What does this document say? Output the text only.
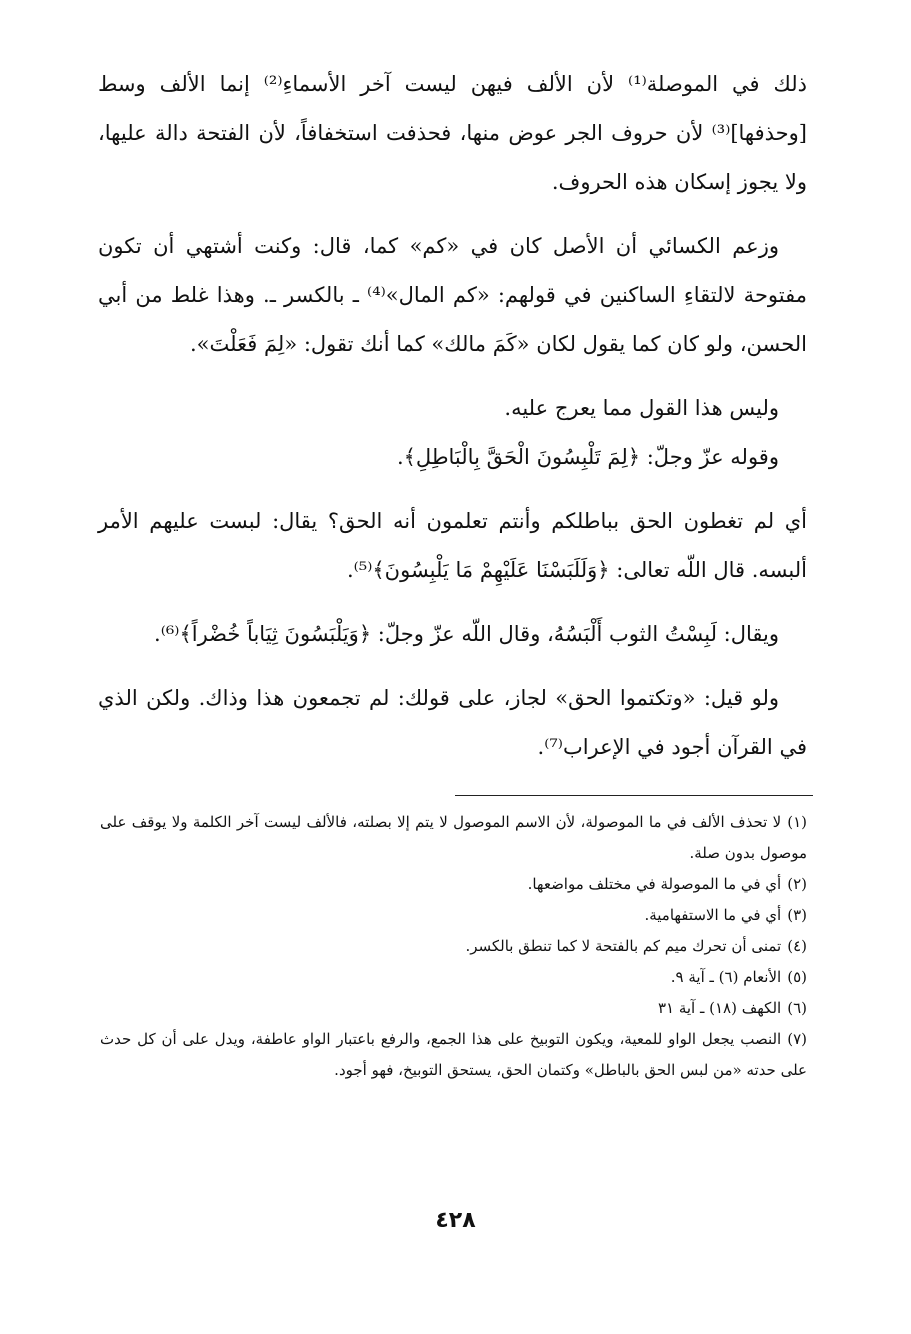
ذلك في الموصلة⁽¹⁾ لأن الألف فيهن ليست آخر الأسماءِ⁽²⁾ إنما الألف وسط [وحذفها]⁽³⁾ لأن حروف الجر عوض منها، فحذفت استخفافاً، لأن الفتحة دالة عليها، ولا يجوز إسكان هذه الحروف.

وزعم الكسائي أن الأصل كان في «كم» كما، قال: وكنت أشتهي أن تكون مفتوحة لالتقاءِ الساكنين في قولهم: «كم المال»⁽⁴⁾ ـ بالكسر ـ. وهذا غلط من أبي الحسن، ولو كان كما يقول لكان «كَمَ مالك» كما أنك تقول: «لِمَ فَعَلْتَ».

وليس هذا القول مما يعرج عليه.

وقوله عزّ وجلّ: ﴿لِمَ تَلْبِسُونَ الْحَقَّ بِالْبَاطِلِ﴾.

أي لم تغطون الحق بباطلكم وأنتم تعلمون أنه الحق؟ يقال: لبست عليهم الأمر ألبسه. قال اللّه تعالى: ﴿وَلَلَبَسْنَا عَلَيْهِمْ مَا يَلْبِسُونَ﴾⁽⁵⁾.

ويقال: لَبِسْتُ الثوب أَلْبَسُهُ، وقال اللّه عزّ وجلّ: ﴿وَيَلْبَسُونَ ثِيَاباً خُضْراً﴾⁽⁶⁾.

ولو قيل: «وتكتموا الحق» لجاز، على قولك: لم تجمعون هذا وذاك. ولكن الذي في القرآن أجود في الإعراب⁽⁷⁾.

(١)لا تحذف الألف في ما الموصولة، لأن الاسم الموصول لا يتم إلا بصلته، فالألف ليست آخر الكلمة ولا يوقف على موصول بدون صلة.

(٢)أي في ما الموصولة في مختلف مواضعها.

(٣)أي في ما الاستفهامية.

(٤)تمنى أن تحرك ميم كم بالفتحة لا كما تنطق بالكسر.

(٥)الأنعام (٦) ـ آية ٩.

(٦)الكهف (١٨) ـ آية ٣١

(٧)النصب يجعل الواو للمعية، ويكون التوبيخ على هذا الجمع، والرفع باعتبار الواو عاطفة، ويدل على أن كل حدث على حدته «من لبس الحق بالباطل» وكتمان الحق، يستحق التوبيخ، فهو أجود.

٤٢٨
